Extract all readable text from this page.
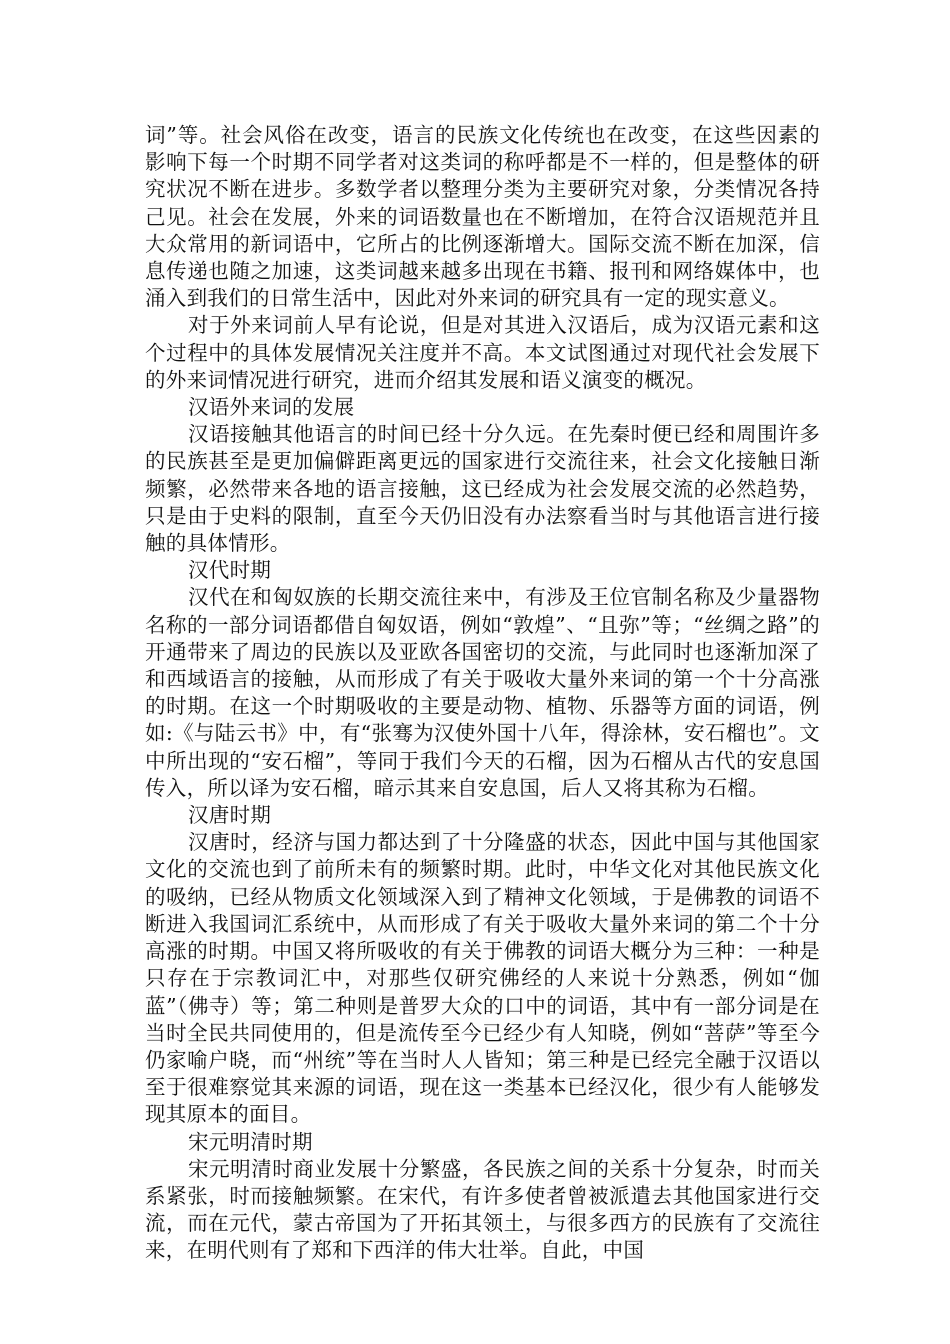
词”等。社会风俗在改变，语言的民族文化传统也在改变，在这些因素的影响下每一个时期不同学者对这类词的称呼都是不一样的，但是整体的研究状况不断在进步。多数学者以整理分类为主要研究对象，分类情况各持己见。社会在发展，外来的词语数量也在不断增加，在符合汉语规范并且大众常用的新词语中，它所占的比例逐渐增大。国际交流不断在加深，信息传递也随之加速，这类词越来越多出现在书籍、报刊和网络媒体中，也涌入到我们的日常生活中，因此对外来词的研究具有一定的现实意义。

对于外来词前人早有论说，但是对其进入汉语后，成为汉语元素和这个过程中的具体发展情况关注度并不高。本文试图通过对现代社会发展下的外来词情况进行研究，进而介绍其发展和语义演变的概况。

汉语外来词的发展

汉语接触其他语言的时间已经十分久远。在先秦时便已经和周围许多的民族甚至是更加偏僻距离更远的国家进行交流往来，社会文化接触日渐频繁，必然带来各地的语言接触，这已经成为社会发展交流的必然趋势，只是由于史料的限制，直至今天仍旧没有办法察看当时与其他语言进行接触的具体情形。

汉代时期

汉代在和匈奴族的长期交流往来中，有涉及王位官制名称及少量器物名称的一部分词语都借自匈奴语，例如“敦煌”、“且弥”等；“丝绸之路”的开通带来了周边的民族以及亚欧各国密切的交流，与此同时也逐渐加深了和西域语言的接触，从而形成了有关于吸收大量外来词的第一个十分高涨的时期。在这一个时期吸收的主要是动物、植物、乐器等方面的词语，例如:《与陆云书》中，有“张骞为汉使外国十八年，得涂林，安石榴也”。文中所出现的“安石榴”，等同于我们今天的石榴，因为石榴从古代的安息国传入，所以译为安石榴，暗示其来自安息国，后人又将其称为石榴。

汉唐时期

汉唐时，经济与国力都达到了十分隆盛的状态，因此中国与其他国家文化的交流也到了前所未有的频繁时期。此时，中华文化对其他民族文化的吸纳，已经从物质文化领域深入到了精神文化领域，于是佛教的词语不断进入我国词汇系统中，从而形成了有关于吸收大量外来词的第二个十分高涨的时期。中国又将所吸收的有关于佛教的词语大概分为三种：一种是只存在于宗教词汇中，对那些仅研究佛经的人来说十分熟悉，例如“伽蓝”（佛寺）等；第二种则是普罗大众的口中的词语，其中有一部分词是在当时全民共同使用的，但是流传至今已经少有人知晓，例如“菩萨”等至今仍家喻户晓，而“州统”等在当时人人皆知；第三种是已经完全融于汉语以至于很难察觉其来源的词语，现在这一类基本已经汉化，很少有人能够发现其原本的面目。

宋元明清时期

宋元明清时商业发展十分繁盛，各民族之间的关系十分复杂，时而关系紧张，时而接触频繁。在宋代，有许多使者曾被派遣去其他国家进行交流，而在元代，蒙古帝国为了开拓其领土，与很多西方的民族有了交流往来，在明代则有了郑和下西洋的伟大壮举。自此，中国
